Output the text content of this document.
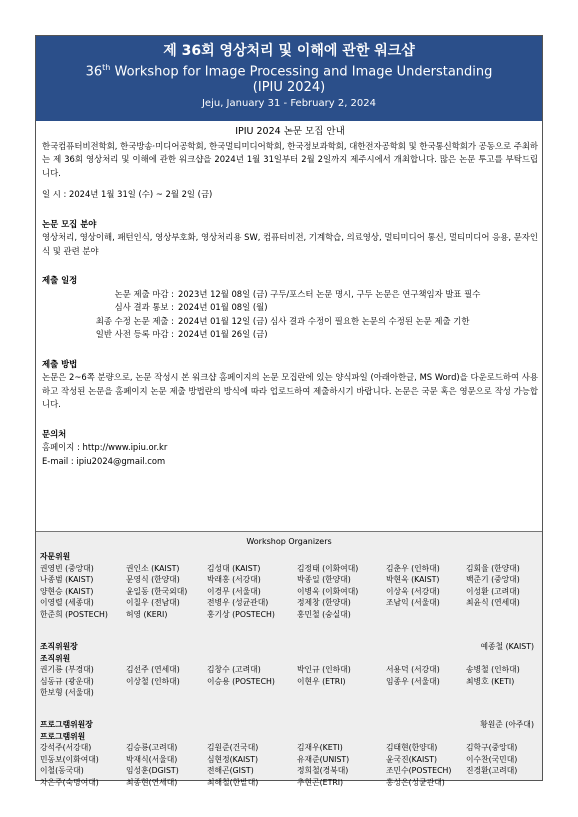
제 36회 영상처리 및 이해에 관한 워크샵
36th Workshop for Image Processing and Image Understanding
(IPIU 2024)
Jeju, January 31 - February 2, 2024
IPIU 2024 논문 모집 안내
한국컴퓨터비전학회, 한국방송·미디어공학회, 한국멀티미디어학회, 한국정보과학회, 대한전자공학회 및 한국통신학회가 공동으로 주최하는 제 36회 영상처리 및 이해에 관한 워크샵을 2024년 1월 31일부터 2월 2일까지 제주시에서 개최합니다. 많은 논문 투고를 부탁드립니다.
일 시 : 2024년 1월 31일 (수) ~ 2월 2일 (금)
논문 모집 분야
영상처리, 영상이해, 패턴인식, 영상부호화, 영상처리용 SW, 컴퓨터비전, 기계학습, 의료영상, 멀티미디어 통신, 멀티미디어 응용, 문자인식 및 관련 분야
제출 일정
논문 제출 마감 : 2023년 12월 08일 (금) 구두/포스터 논문 명시, 구두 논문은 연구책임자 발표 필수
심사 결과 통보 : 2024년 01월 08일 (월)
최종 수정 논문 제출 : 2024년 01월 12일 (금) 심사 결과 수정이 필요한 논문의 수정된 논문 제출 기한
일반 사전 등록 마감 : 2024년 01월 26일 (금)
제출 방법
논문은 2~6쪽 분량으로, 논문 작성시 본 워크샵 홈페이지의 논문 모집란에 있는 양식파일 (아래아한글, MS Word)을 다운로드하여 사용하고 작성된 논문을 홈페이지 논문 제출 방법란의 방식에 따라 업로드하여 제출하시기 바랍니다. 논문은 국문 혹은 영문으로 작성 가능합니다.
문의처
홈페이지 : http://www.ipiu.or.kr
E-mail : ipiu2024@gmail.com
Workshop Organizers
자문위원
권영빈 (중앙대)	권인소 (KAIST)	김성대 (KAIST)	김정태 (이화여대)	김춘우 (인하대)	김회율 (한양대)
나종범 (KAIST)	문영식 (한양대)	박래홍 (서강대)	박종일 (한양대)	박현욱 (KAIST)	백준기 (중앙대)
양현승 (KAIST)	윤일동 (한국외대)	이경무 (서울대)	이병욱 (이화여대)	이상욱 (서강대)	이성환 (고려대)
이영렬 (세종대)	이칠우 (전남대)	전병우 (성균관대)	정제창 (한양대)	조남익 (서울대)	최윤식 (연세대)
한준희 (POSTECH)	허영 (KERI)	홍기상 (POSTECH)	홍민철 (숭실대)
조직위원장	예종철 (KAIST)
조직위원
권기룡 (부경대)	김선주 (연세대)	김창수 (고려대)	박인규 (인하대)	서용덕 (서강대)	송병철 (인하대)
심동규 (광운대)	이상철 (인하대)	이승용 (POSTECH)	이현우 (ETRI)	임종우 (서울대)	최병호 (KETI)
한보형 (서울대)
프로그램위원장	황원준 (아주대)
프로그램위원
강석주(서강대)	김승룡(고려대)	김원준(건국대)	김재우(KETI)	김태현(한양대)	김학구(중앙대)
민동보(이화여대)	박재식(서울대)	심현정(KAIST)	유재준(UNIST)	윤국진(KAIST)	이수찬(국민대)
이철(동국대)	임성훈(DGIST)	전해곤(GIST)	정희철(경북대)	조민수(POSTECH)	진경환(고려대)
차은주(숙명여대)	최종현(연세대)	최해철(한밭대)	추현곤(ETRI)	홍성은(성균관대)
